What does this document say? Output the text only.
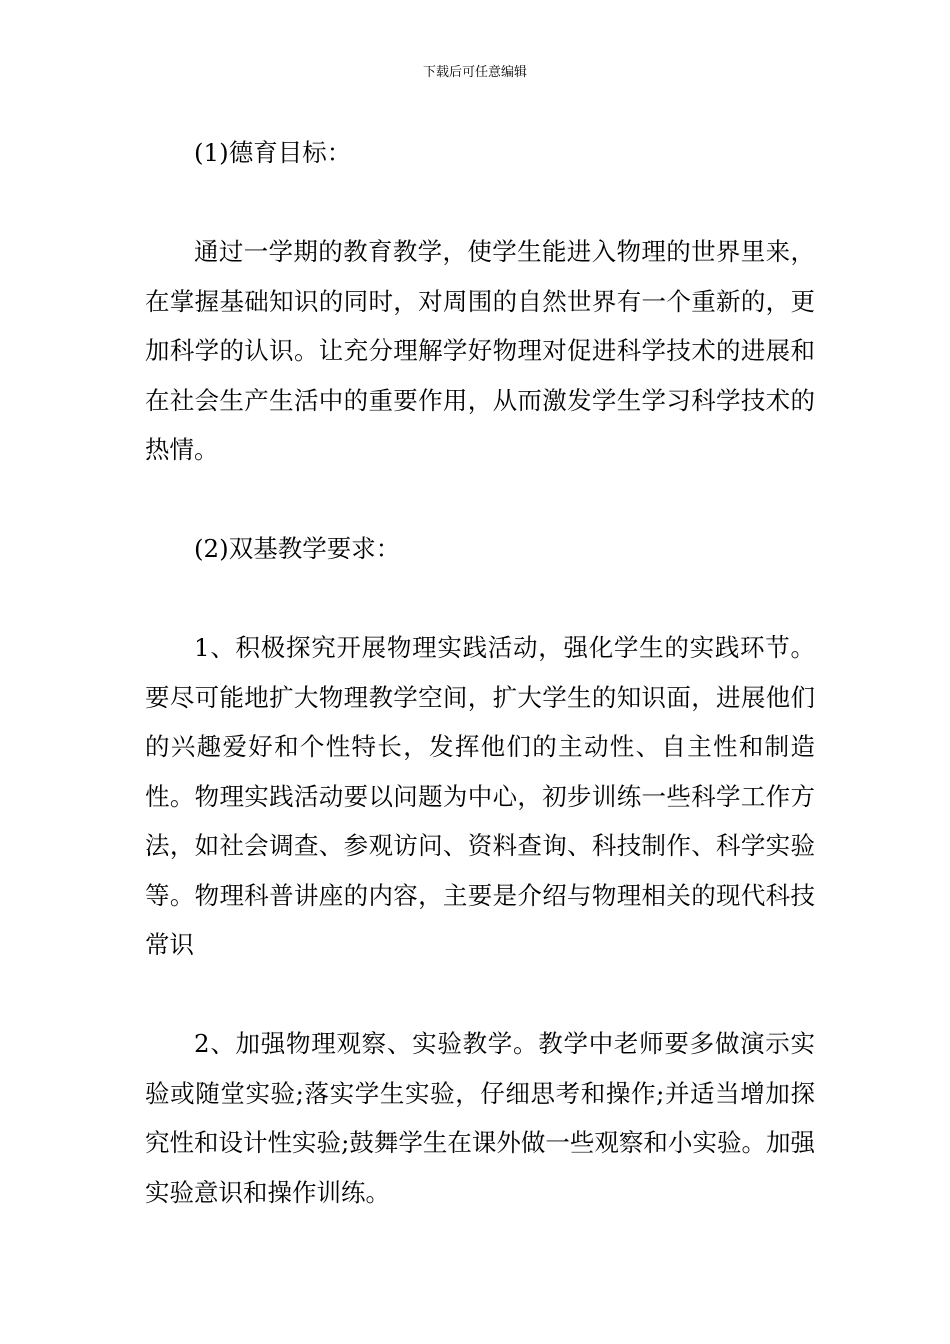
下载后可任意编辑

(1)德育目标：

通过一学期的教育教学，使学生能进入物理的世界里来，在掌握基础知识的同时，对周围的自然世界有一个重新的，更加科学的认识。让充分理解学好物理对促进科学技术的进展和在社会生产生活中的重要作用，从而激发学生学习科学技术的热情。

(2)双基教学要求：

1、积极探究开展物理实践活动，强化学生的实践环节。要尽可能地扩大物理教学空间，扩大学生的知识面，进展他们的兴趣爱好和个性特长，发挥他们的主动性、自主性和制造性。物理实践活动要以问题为中心，初步训练一些科学工作方法，如社会调查、参观访问、资料查询、科技制作、科学实验等。物理科普讲座的内容，主要是介绍与物理相关的现代科技常识

2、加强物理观察、实验教学。教学中老师要多做演示实验或随堂实验;落实学生实验，仔细思考和操作;并适当增加探究性和设计性实验;鼓舞学生在课外做一些观察和小实验。加强实验意识和操作训练。
